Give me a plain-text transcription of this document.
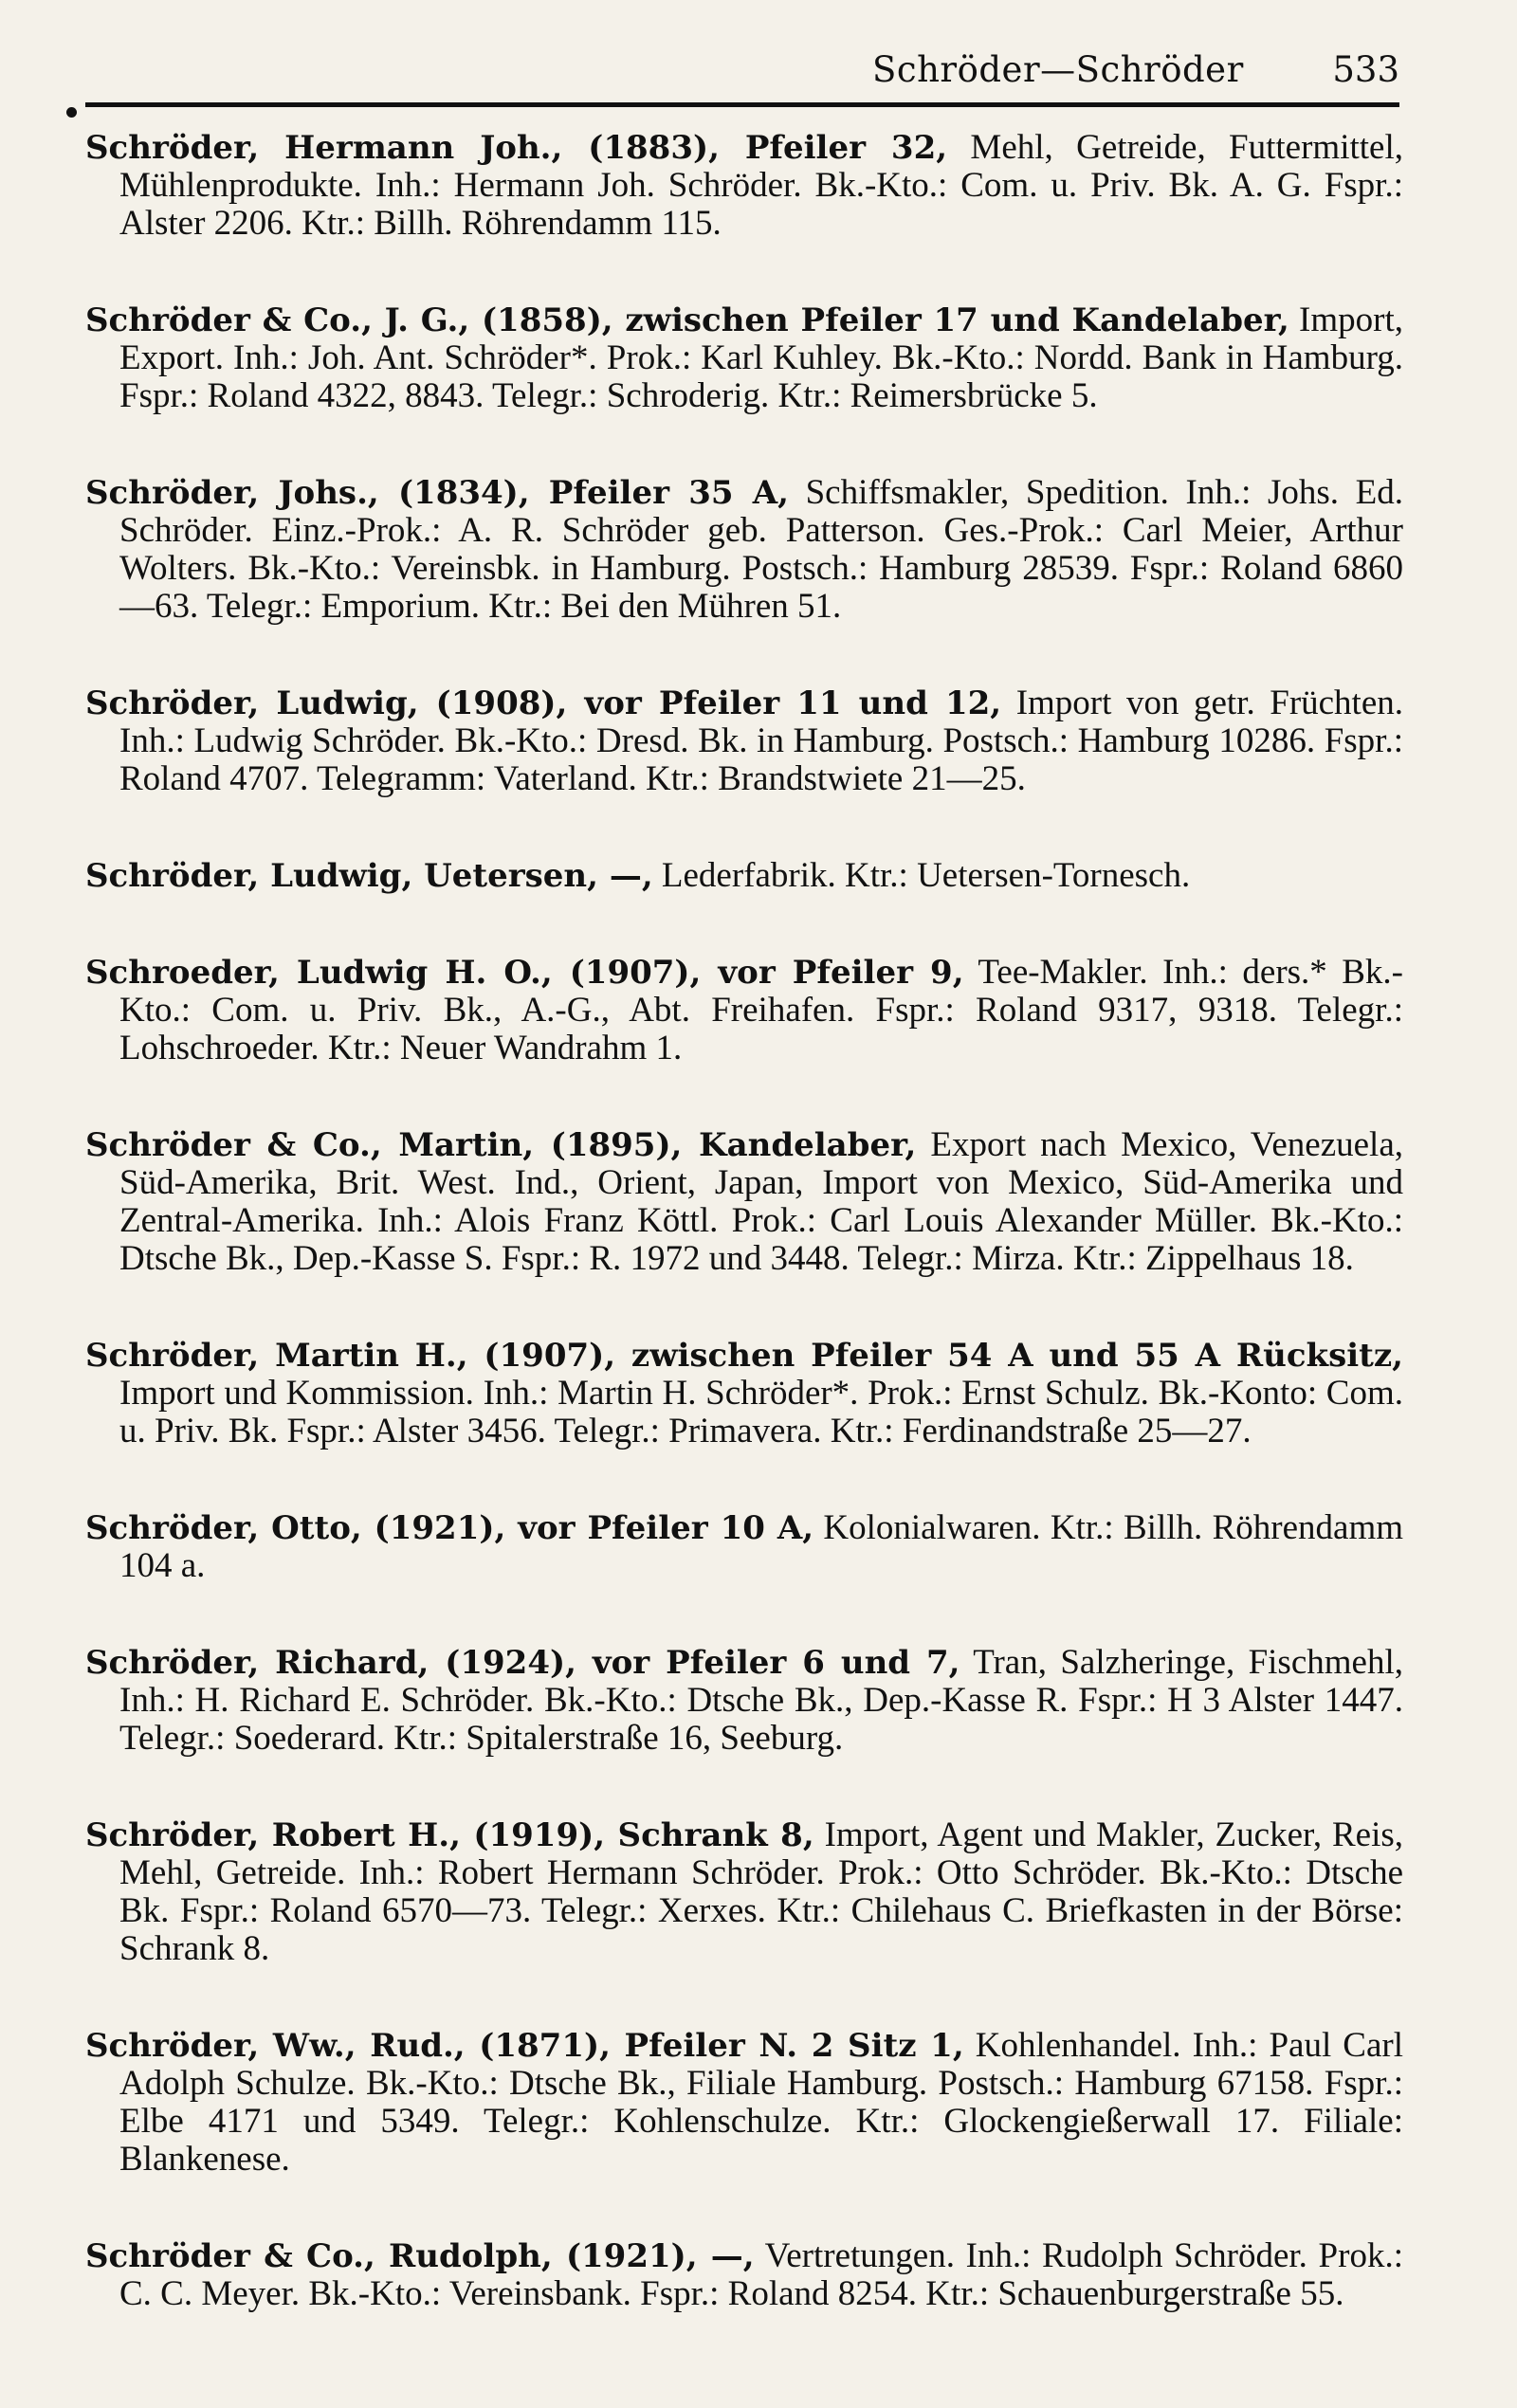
Schröder—Schröder	533

Schröder, Hermann Joh., (1883), Pfeiler 32, Mehl, Getreide, Futtermittel, Mühlenprodukte. Inh.: Hermann Joh. Schröder. Bk.-Kto.: Com. u. Priv. Bk. A. G. Fspr.: Alster 2206. Ktr.: Billh. Röhrendamm 115.

Schröder & Co., J. G., (1858), zwischen Pfeiler 17 und Kandelaber, Import, Export. Inh.: Joh. Ant. Schröder*. Prok.: Karl Kuhley. Bk.-Kto.: Nordd. Bank in Hamburg. Fspr.: Roland 4322, 8843. Telegr.: Schroderig. Ktr.: Reimersbrücke 5.

Schröder, Johs., (1834), Pfeiler 35 A, Schiffsmakler, Spedition. Inh.: Johs. Ed. Schröder. Einz.-Prok.: A. R. Schröder geb. Patterson. Ges.-Prok.: Carl Meier, Arthur Wolters. Bk.-Kto.: Vereinsbk. in Hamburg. Postsch.: Hamburg 28539. Fspr.: Roland 6860—63. Telegr.: Emporium. Ktr.: Bei den Mühren 51.

Schröder, Ludwig, (1908), vor Pfeiler 11 und 12, Import von getr. Früchten. Inh.: Ludwig Schröder. Bk.-Kto.: Dresd. Bk. in Hamburg. Postsch.: Hamburg 10286. Fspr.: Roland 4707. Telegramm: Vaterland. Ktr.: Brandstwiete 21—25.

Schröder, Ludwig, Uetersen, —, Lederfabrik. Ktr.: Uetersen-Tornesch.

Schroeder, Ludwig H. O., (1907), vor Pfeiler 9, Tee-Makler. Inh.: ders.* Bk.-Kto.: Com. u. Priv. Bk., A.-G., Abt. Freihafen. Fspr.: Roland 9317, 9318. Telegr.: Lohschroeder. Ktr.: Neuer Wandrahm 1.

Schröder & Co., Martin, (1895), Kandelaber, Export nach Mexico, Venezuela, Süd-Amerika, Brit. West. Ind., Orient, Japan, Import von Mexico, Süd-Amerika und Zentral-Amerika. Inh.: Alois Franz Köttl. Prok.: Carl Louis Alexander Müller. Bk.-Kto.: Dtsche Bk., Dep.-Kasse S. Fspr.: R. 1972 und 3448. Telegr.: Mirza. Ktr.: Zippelhaus 18.

Schröder, Martin H., (1907), zwischen Pfeiler 54 A und 55 A Rücksitz, Import und Kommission. Inh.: Martin H. Schröder*. Prok.: Ernst Schulz. Bk.-Konto: Com. u. Priv. Bk. Fspr.: Alster 3456. Telegr.: Primavera. Ktr.: Ferdinandstraße 25—27.

Schröder, Otto, (1921), vor Pfeiler 10 A, Kolonialwaren. Ktr.: Billh. Röhrendamm 104 a.

Schröder, Richard, (1924), vor Pfeiler 6 und 7, Tran, Salzheringe, Fischmehl, Inh.: H. Richard E. Schröder. Bk.-Kto.: Dtsche Bk., Dep.-Kasse R. Fspr.: H 3 Alster 1447. Telegr.: Soederard. Ktr.: Spitalerstraße 16, Seeburg.

Schröder, Robert H., (1919), Schrank 8, Import, Agent und Makler, Zucker, Reis, Mehl, Getreide. Inh.: Robert Hermann Schröder. Prok.: Otto Schröder. Bk.-Kto.: Dtsche Bk. Fspr.: Roland 6570—73. Telegr.: Xerxes. Ktr.: Chilehaus C. Briefkasten in der Börse: Schrank 8.

Schröder, Ww., Rud., (1871), Pfeiler N. 2 Sitz 1, Kohlenhandel. Inh.: Paul Carl Adolph Schulze. Bk.-Kto.: Dtsche Bk., Filiale Hamburg. Postsch.: Hamburg 67158. Fspr.: Elbe 4171 und 5349. Telegr.: Kohlenschulze. Ktr.: Glockengießerwall 17. Filiale: Blankenese.

Schröder & Co., Rudolph, (1921), —, Vertretungen. Inh.: Rudolph Schröder. Prok.: C. C. Meyer. Bk.-Kto.: Vereinsbank. Fspr.: Roland 8254. Ktr.: Schauenburgerstraße 55.
